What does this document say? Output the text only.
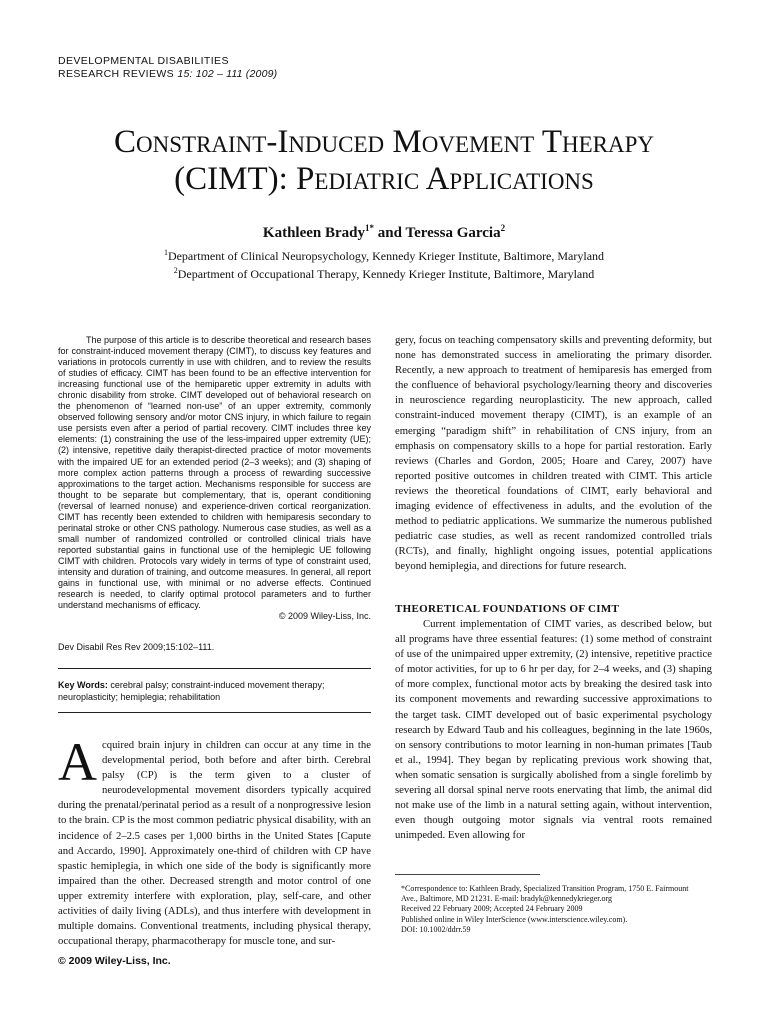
DEVELOPMENTAL DISABILITIES
RESEARCH REVIEWS 15: 102 – 111 (2009)
Constraint-Induced Movement Therapy
(CIMT): Pediatric Applications
Kathleen Brady$^{1*}$ and Teressa Garcia$^2$
$^1$Department of Clinical Neuropsychology, Kennedy Krieger Institute, Baltimore, Maryland
$^2$Department of Occupational Therapy, Kennedy Krieger Institute, Baltimore, Maryland

The purpose of this article is to describe theoretical and research bases for constraint-induced movement therapy (CIMT), to discuss key features and variations in protocols currently in use with children, and to review the results of studies of efficacy. CIMT has been found to be an effective intervention for increasing functional use of the hemiparetic upper extremity in adults with chronic disability from stroke. CIMT developed out of behavioral research on the phenomenon of “learned non-use” of an upper extremity, commonly observed following sensory and/or motor CNS injury, in which failure to regain use persists even after a period of partial recovery. CIMT includes three key elements: (1) constraining the use of the less-impaired upper extremity (UE); (2) intensive, repetitive daily therapist-directed practice of motor movements with the impaired UE for an extended period (2–3 weeks); and (3) shaping of more complex action patterns through a process of rewarding successive approximations to the target action. Mechanisms responsible for success are thought to be separate but complementary, that is, operant conditioning (reversal of learned nonuse) and experience-driven cortical reorganization. CIMT has recently been extended to children with hemiparesis secondary to perinatal stroke or other CNS pathology. Numerous case studies, as well as a small number of randomized controlled or controlled clinical trials have reported substantial gains in functional use of the hemiplegic UE following CIMT with children. Protocols vary widely in terms of type of constraint used, intensity and duration of training, and outcome measures. In general, all report gains in functional use, with minimal or no adverse effects. Continued research is needed, to clarify optimal protocol parameters and to further understand mechanisms of efficacy.

© 2009 Wiley-Liss, Inc.
Dev Disabil Res Rev 2009;15:102–111.
Key Words: cerebral palsy; constraint-induced movement therapy; neuroplasticity; hemiplegia; rehabilitation
A cquired brain injury in children can occur at any time in the developmental period, both before and after birth. Cerebral palsy (CP) is the term given to a cluster of neurodevelopmental movement disorders typically acquired during the prenatal/perinatal period as a result of a nonprogressive lesion to the brain. CP is the most common pediatric physical disability, with an incidence of 2–2.5 cases per 1,000 births in the United States [Capute and Accardo, 1990]. Approximately one-third of children with CP have spastic hemiplegia, in which one side of the body is significantly more impaired than the other. Decreased strength and motor control of one upper extremity interfere with exploration, play, self-care, and other activities of daily living (ADLs), and thus interfere with development in multiple domains. Conventional treatments, including physical therapy, occupational therapy, pharmacotherapy for muscle tone, and sur-

© 2009 Wiley-Liss, Inc.

gery, focus on teaching compensatory skills and preventing deformity, but none has demonstrated success in ameliorating the primary disorder. Recently, a new approach to treatment of hemiparesis has emerged from the confluence of behavioral psychology/learning theory and discoveries in neuroscience regarding neuroplasticity. The new approach, called constraint-induced movement therapy (CIMT), is an example of an emerging “paradigm shift” in rehabilitation of CNS injury, from an emphasis on compensatory skills to a hope for partial restoration. Early reviews (Charles and Gordon, 2005; Hoare and Carey, 2007) have reported positive outcomes in children treated with CIMT. This article reviews the theoretical foundations of CIMT, early behavioral and imaging evidence of effectiveness in adults, and the evolution of the method to pediatric applications. We summarize the numerous published pediatric case studies, as well as recent randomized controlled trials (RCTs), and finally, highlight ongoing issues, potential applications beyond hemiplegia, and directions for future research.

THEORETICAL FOUNDATIONS OF CIMT

Current implementation of CIMT varies, as described below, but all programs have three essential features: (1) some method of constraint of use of the unimpaired upper extremity, (2) intensive, repetitive practice of motor activities, for up to 6 hr per day, for 2–4 weeks, and (3) shaping of more complex, functional motor acts by breaking the desired task into its component movements and rewarding successive approximations to the target task. CIMT developed out of basic experimental psychology research by Edward Taub and his colleagues, beginning in the late 1960s, on sensory contributions to motor learning in non-human primates [Taub et al., 1994]. They began by replicating previous work showing that, when somatic sensation is surgically abolished from a single forelimb by severing all dorsal spinal nerve roots enervating that limb, the animal did not make use of the limb in a natural setting again, without intervention, even though outgoing motor signals via ventral roots remained unimpeded. Even allowing for

*Correspondence to: Kathleen Brady, Specialized Transition Program, 1750 E. Fairmount
Ave., Baltimore, MD 21231. E-mail: bradyk@kennedykrieger.org
Received 22 February 2009; Accepted 24 February 2009
Published online in Wiley InterScience (www.interscience.wiley.com).
DOI: 10.1002/ddrr.59
